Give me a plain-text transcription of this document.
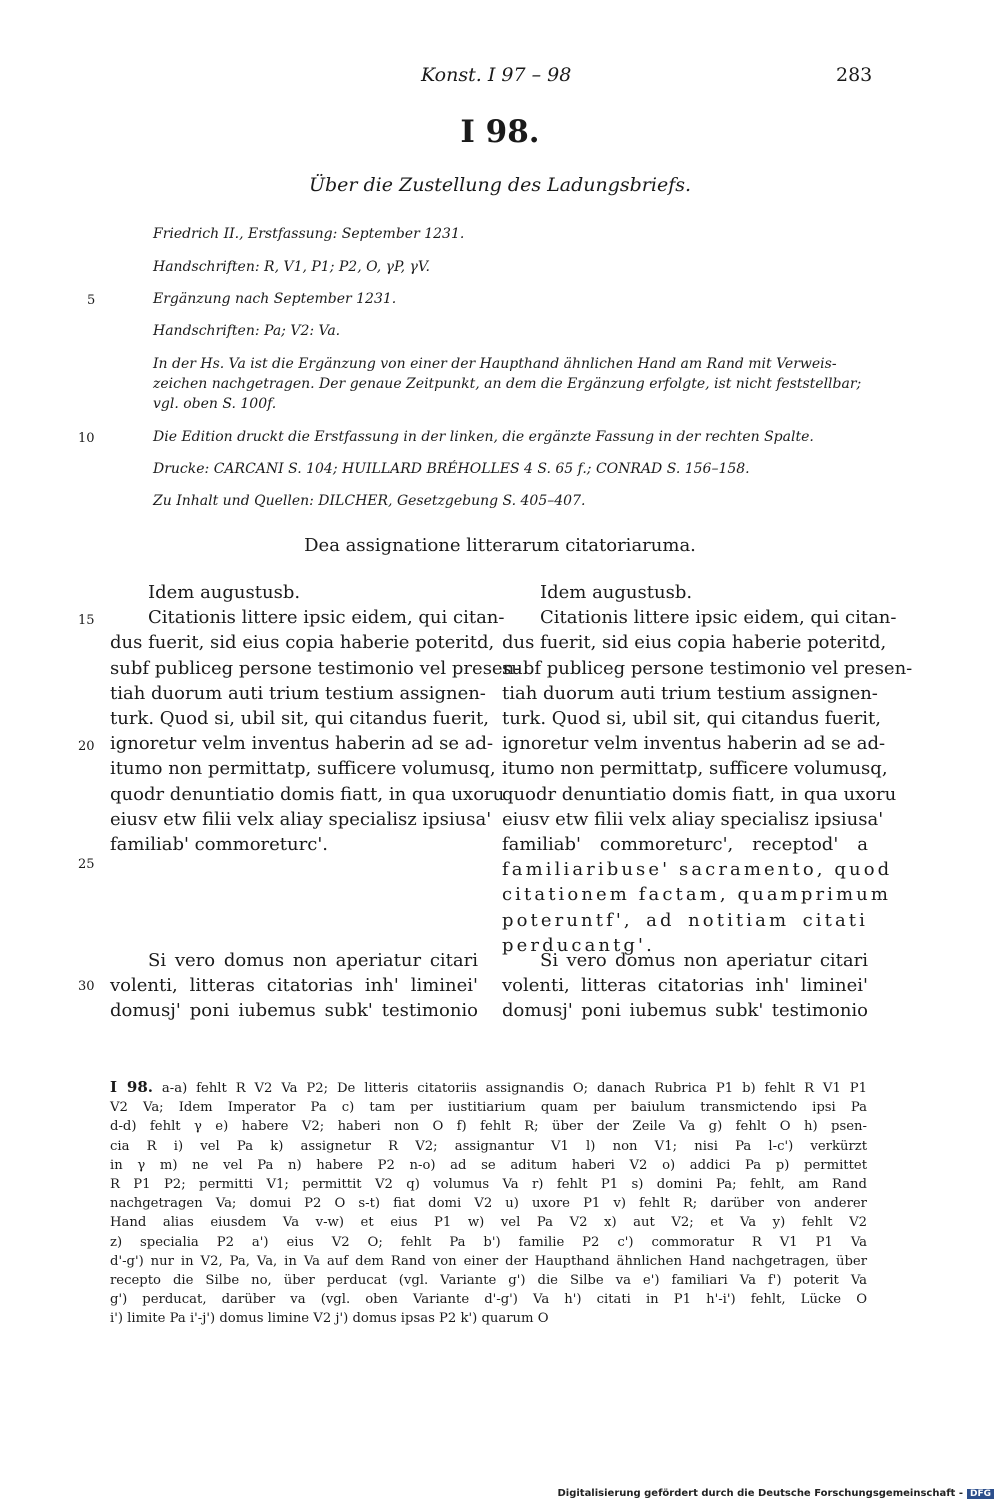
Konst. I 97 – 98	283
I 98.
Über die Zustellung des Ladungsbriefs.
Friedrich II., Erstfassung: September 1231.
Handschriften: R, V1, P1; P2, O, γP, γV.
Ergänzung nach September 1231.
Handschriften: Pa; V2: Va.
In der Hs. Va ist die Ergänzung von einer der Haupthand ähnlichen Hand am Rand mit Verweis-
zeichen nachgetragen. Der genaue Zeitpunkt, an dem die Ergänzung erfolgte, ist nicht feststellbar;
vgl. oben S. 100f.
Die Edition druckt die Erstfassung in der linken, die ergänzte Fassung in der rechten Spalte.
Drucke: CARCANI S. 104; HUILLARD BRÉHOLLES 4 S. 65 f.; CONRAD S. 156–158.
Zu Inhalt und Quellen: DILCHER, Gesetzgebung S. 405–407.
5
10
15
20
25
30
Dea assignatione litterarum citatoriaruma.
Idem augustusb.
Citationis littere ipsic eidem, qui citan-
dus fuerit, sid eius copia haberie poteritd,
subf publiceg persone testimonio vel presen-
tiah duorum auti trium testium assignen-
turk. Quod si, ubil sit, qui citandus fuerit,
ignoretur velm inventus haberin ad se ad-
itumo non permittatp, sufficere volumusq,
quodr denuntiatio domis fiatt, in qua uxoru
eiusv etw filii velx aliay specialisz ipsiusa'
familiab' commoreturc'.
Idem augustusb.
Citationis littere ipsic eidem, qui citan-
dus fuerit, sid eius copia haberie poteritd,
subf publiceg persone testimonio vel presen-
tiah duorum auti trium testium assignen-
turk. Quod si, ubil sit, qui citandus fuerit,
ignoretur velm inventus haberin ad se ad-
itumo non permittatp, sufficere volumusq,
quodr denuntiatio domis fiatt, in qua uxoru
eiusv etw filii velx aliay specialisz ipsiusa'
familiab' commoreturc', receptod' a
familiaribuse' sacramento, quod
citationem factam, quamprimum
poteruntf', ad notitiam citati
perducantg'.
Si vero domus non aperiatur citari
volenti, litteras citatorias inh' liminei'
domusj' poni iubemus subk' testimonio
Si vero domus non aperiatur citari
volenti, litteras citatorias inh' liminei'
domusj' poni iubemus subk' testimonio
I 98. a-a) fehlt R V2 Va P2; De litteris citatoriis assignandis O; danach Rubrica P1 b) fehlt R V1 P1
V2 Va; Idem Imperator Pa c) tam per iustitiarium quam per baiulum transmictendo ipsi Pa
d-d) fehlt γ e) habere V2; haberi non O f) fehlt R; über der Zeile Va g) fehlt O h) psen-
cia R i) vel Pa k) assignetur R V2; assignantur V1 l) non V1; nisi Pa l-c') verkürzt
in γ m) ne vel Pa n) habere P2 n-o) ad se aditum haberi V2 o) addici Pa p) permittet
R P1 P2; permitti V1; permittit V2 q) volumus Va r) fehlt P1 s) domini Pa; fehlt, am Rand
nachgetragen Va; domui P2 O s-t) fiat domi V2 u) uxore P1 v) fehlt R; darüber von anderer
Hand alias eiusdem Va v-w) et eius P1 w) vel Pa V2 x) aut V2; et Va y) fehlt V2
z) specialia P2 a') eius V2 O; fehlt Pa b') familie P2 c') commoratur R V1 P1 Va
d'-g') nur in V2, Pa, Va, in Va auf dem Rand von einer der Haupthand ähnlichen Hand nachgetragen, über
recepto die Silbe no, über perducat (vgl. Variante g') die Silbe va e') familiari Va f') poterit Va
g') perducat, darüber va (vgl. oben Variante d'-g') Va h') citati in P1 h'-i') fehlt, Lücke O
i') limite Pa i'-j') domus limine V2 j') domus ipsas P2 k') quarum O
Digitalisierung gefördert durch die Deutsche Forschungsgemeinschaft - DFG
